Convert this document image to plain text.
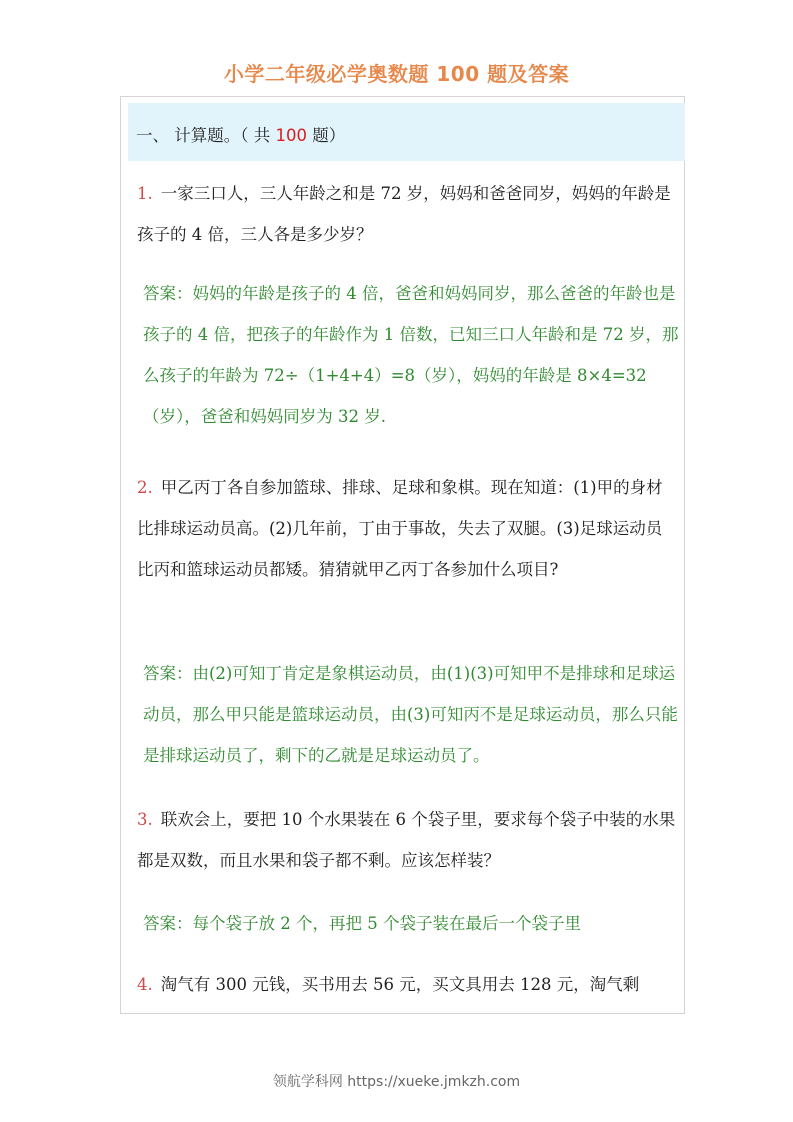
小学二年级必学奥数题 100 题及答案
一、 计算题。（ 共 100 题）
1. 一家三口人，三人年龄之和是 72 岁，妈妈和爸爸同岁，妈妈的年龄是孩子的 4 倍，三人各是多少岁？
答案：妈妈的年龄是孩子的 4 倍，爸爸和妈妈同岁，那么爸爸的年龄也是孩子的 4 倍，把孩子的年龄作为 1 倍数，已知三口人年龄和是 72 岁，那么孩子的年龄为 72÷（1+4+4）=8（岁），妈妈的年龄是 8×4=32（岁），爸爸和妈妈同岁为 32 岁.
2. 甲乙丙丁各自参加篮球、排球、足球和象棋。现在知道：(1)甲的身材比排球运动员高。(2)几年前，丁由于事故，失去了双腿。(3)足球运动员比丙和篮球运动员都矮。猜猜就甲乙丙丁各参加什么项目?
答案：由(2)可知丁肯定是象棋运动员，由(1)(3)可知甲不是排球和足球运动员，那么甲只能是篮球运动员，由(3)可知丙不是足球运动员，那么只能是排球运动员了，剩下的乙就是足球运动员了。
3. 联欢会上，要把 10 个水果装在 6 个袋子里，要求每个袋子中装的水果都是双数，而且水果和袋子都不剩。应该怎样装？
答案：每个袋子放 2 个，再把 5 个袋子装在最后一个袋子里
4. 淘气有 300 元钱，买书用去 56 元，买文具用去 128 元，淘气剩
领航学科网 https://xueke.jmkzh.com
